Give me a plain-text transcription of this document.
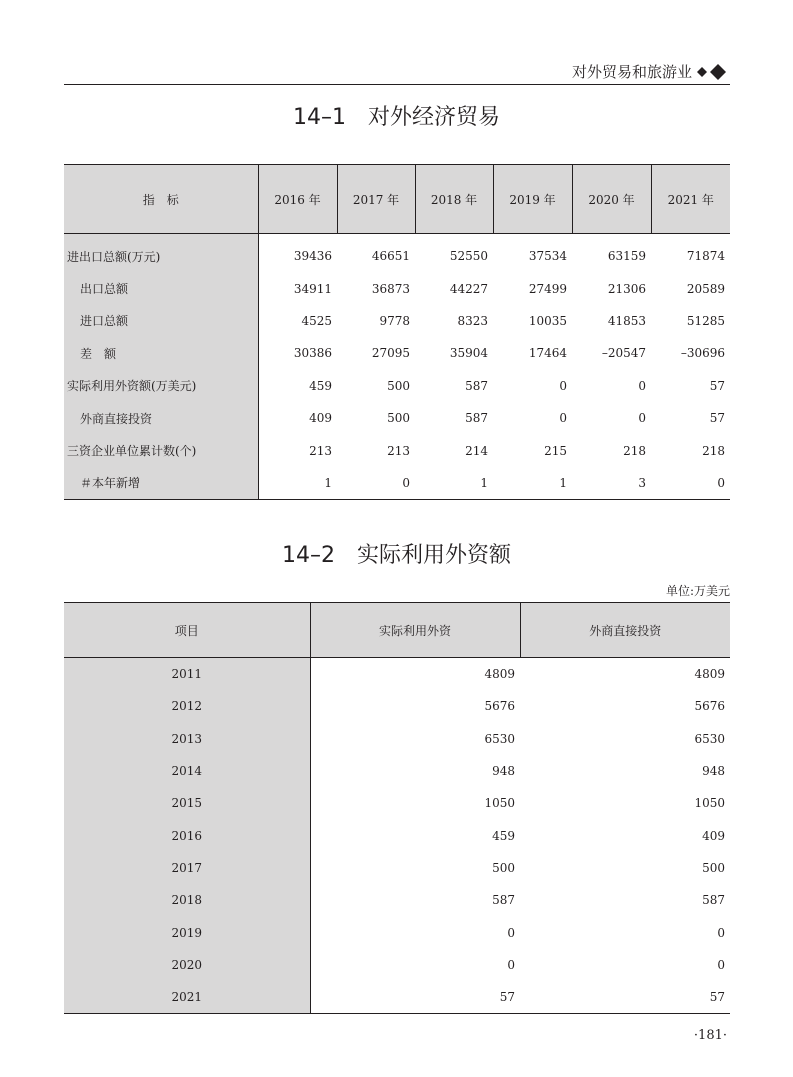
对外贸易和旅游业
14–1 对外经济贸易
指　标	2016 年	2017 年	2018 年	2019 年	2020 年	2021 年
进出口总额(万元)	39436	46651	52550	37534	63159	71874
出口总额	34911	36873	44227	27499	21306	20589
进口总额	4525	9778	8323	10035	41853	51285
差　额	30386	27095	35904	17464	–20547	–30696
实际利用外资额(万美元)	459	500	587	0	0	57
外商直接投资	409	500	587	0	0	57
三资企业单位累计数(个)	213	213	214	215	218	218
＃本年新增	1	0	1	1	3	0
14–2 实际利用外资额
单位:万美元
项目	实际利用外资	外商直接投资
2011	4809	4809
2012	5676	5676
2013	6530	6530
2014	948	948
2015	1050	1050
2016	459	409
2017	500	500
2018	587	587
2019	0	0
2020	0	0
2021	57	57
·181·
